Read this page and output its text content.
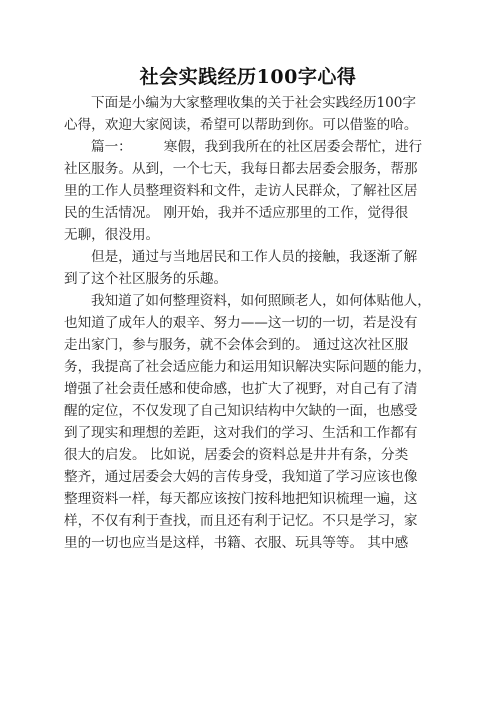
社会实践经历100字心得
下面是小编为大家整理收集的关于社会实践经历100字
心得，欢迎大家阅读，希望可以帮助到你。可以借鉴的哈。
篇一： 寒假，我到我所在的社区居委会帮忙，进行
社区服务。从到，一个七天，我每日都去居委会服务，帮那
里的工作人员整理资料和文件，走访人民群众，了解社区居
民的生活情况。 刚开始，我并不适应那里的工作，觉得很
无聊，很没用。
但是，通过与当地居民和工作人员的接触，我逐渐了解
到了这个社区服务的乐趣。
我知道了如何整理资料，如何照顾老人，如何体贴他人，
也知道了成年人的艰辛、努力——这一切的一切，若是没有
走出家门，参与服务，就不会体会到的。 通过这次社区服
务，我提高了社会适应能力和运用知识解决实际问题的能力，
增强了社会责任感和使命感，也扩大了视野，对自己有了清
醒的定位，不仅发现了自己知识结构中欠缺的一面，也感受
到了现实和理想的差距，这对我们的学习、生活和工作都有
很大的启发。 比如说，居委会的资料总是井井有条，分类
整齐，通过居委会大妈的言传身受，我知道了学习应该也像
整理资料一样，每天都应该按门按科地把知识梳理一遍，这
样，不仅有利于查找，而且还有利于记忆。不只是学习，家
里的一切也应当是这样，书籍、衣服、玩具等等。 其中感
